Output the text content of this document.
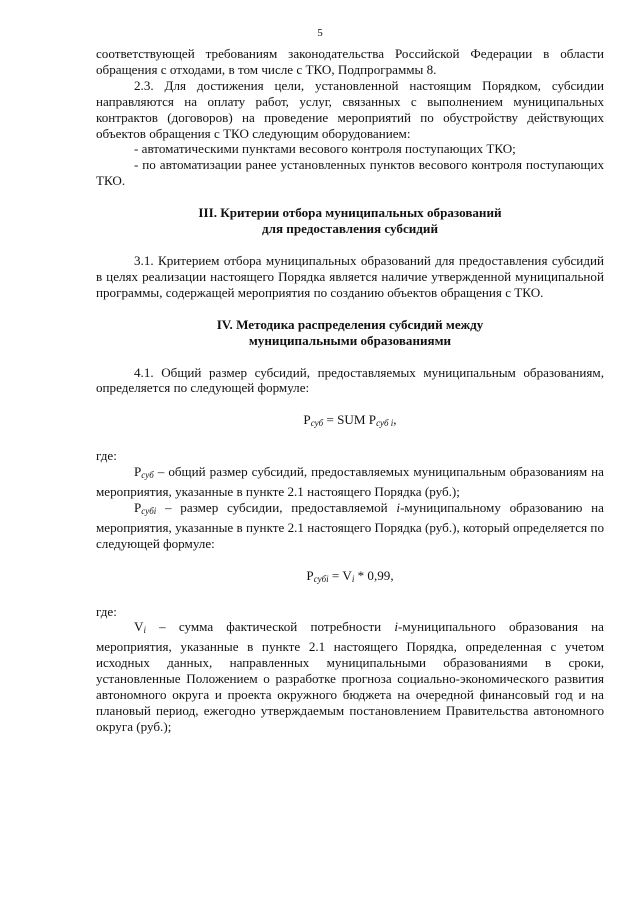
5

соответствующей требованиям законодательства Российской Федерации в области обращения с отходами, в том числе с ТКО, Подпрограммы 8.

2.3. Для достижения цели, установленной настоящим Порядком, субсидии направляются на оплату работ, услуг, связанных с выполнением муниципальных контрактов (договоров) на проведение мероприятий по обустройству действующих объектов обращения с ТКО следующим оборудованием:

- автоматическими пунктами весового контроля поступающих ТКО;

- по автоматизации ранее установленных пунктов весового контроля поступающих ТКО.

III. Критерии отбора муниципальных образований

для предоставления субсидий

3.1. Критерием отбора муниципальных образований для предоставления субсидий в целях реализации настоящего Порядка является наличие утвержденной муниципальной программы, содержащей мероприятия по созданию объектов обращения с ТКО.

IV. Методика распределения субсидий между

муниципальными образованиями

4.1. Общий размер субсидий, предоставляемых муниципальным образованиям, определяется по следующей формуле:

$P_{суб}$ = SUM $P_{суб i}$,

где:

$P_{суб}$ – общий размер субсидий, предоставляемых муниципальным образованиям на мероприятия, указанные в пункте 2.1 настоящего Порядка (руб.);

$P_{субi}$ – размер субсидии, предоставляемой i-муниципальному образованию на мероприятия, указанные в пункте 2.1 настоящего Порядка (руб.), который определяется по следующей формуле:

$P_{субi} = V_i * 0,99$,

где:

$V_i$ – сумма фактической потребности i-муниципального образования на мероприятия, указанные в пункте 2.1 настоящего Порядка, определенная с учетом исходных данных, направленных муниципальными образованиями в сроки, установленные Положением о разработке прогноза социально-экономического развития автономного округа и проекта окружного бюджета на очередной финансовый год и на плановый период, ежегодно утверждаемым постановлением Правительства автономного округа (руб.);
